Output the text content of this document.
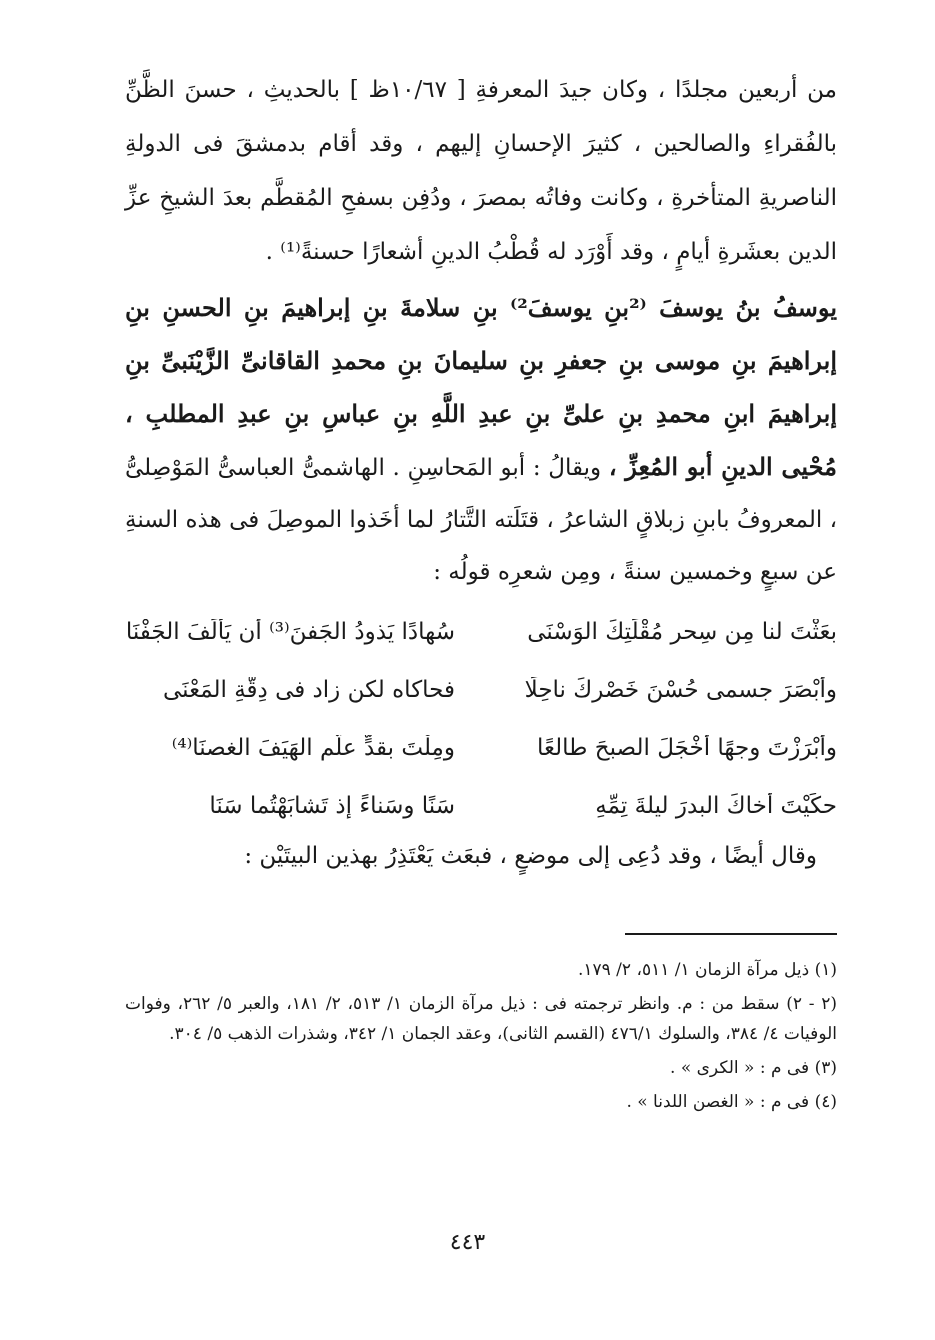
من أربعين مجلدًا ، وكان جيدَ المعرفةِ [ ١٠/٦٧ظ ] بالحديثِ ، حسنَ الظَّنِّ بالفُقراءِ والصالحين ، كثيرَ الإحسانِ إليهم ، وقد أقام بدمشقَ فى الدولةِ الناصريةِ المتأخرةِ ، وكانت وفاتُه بمصرَ ، ودُفِن بسفحِ المُقطَّم بعدَ الشيخِ عزِّ الدين بعشَرةِ أيامٍ ، وقد أَوْرَد له قُطْبُ الدينِ أشعارًا حسنةً⁽¹⁾ .

يوسفُ بنُ يوسفَ ⁽²بنِ يوسفَ²⁾ بنِ سلامةَ بنِ إبراهيمَ بنِ الحسنِ بنِ إبراهيمَ بنِ موسى بنِ جعفرِ بنِ سليمانَ بنِ محمدِ القاقانىِّ الزَّيْنَبىِّ بنِ إبراهيمَ ابنِ محمدِ بنِ علىِّ بنِ عبدِ اللَّهِ بنِ عباسِ بنِ عبدِ المطلبِ ، مُحْيى الدينِ أبو المُعِزِّ ، ويقالُ : أبو المَحاسِنِ . الهاشمىُّ العباسىُّ المَوْصِلىُّ ، المعروفُ بابنِ زبلاقٍ الشاعرُ ، قتَلَته التَّتارُ لما أخَذوا الموصِلَ فى هذه السنةِ عن سبعٍ وخمسين سنةً ، ومِن شعرِه قولُه :

بعَثْتَ لنا مِن سِحرِ مُقْلَتِكَ الوَسْنَى
سُهادًا يَذودُ الجَفنَ⁽³⁾ أن يَأْلَفَ الجَفْنَا
وأَبْصَرَ جسمى حُسْنَ خَصْرِكَ ناحِلًا
فحاكاه لكن زاد فى دِقَّةِ المَعْنَى
وأَبْرَزْتَ وجهًا أخْجَلَ الصبحَ طالعًا
ومِلْتَ بقدٍّ علَّم الهَيَفَ الغصنَا⁽⁴⁾
حكَيْتَ أخاكَ البدرَ ليلةَ تِمِّهِ
سَنًا وسَناءً إذ تَشابَهْتُما سَنَا
وقال أيضًا ، وقد دُعِى إلى موضعٍ ، فبعَث يَعْتَذِرُ بهذين البيتَيْن :

(١) ذيل مرآة الزمان ١/ ٥١١، ٢/ ١٧٩.

(٢ - ٢) سقط من : م. وانظر ترجمته فى : ذيل مرآة الزمان ١/ ٥١٣، ٢/ ١٨١، والعبر ٥/ ٢٦٢، وفوات الوفيات ٤/ ٣٨٤، والسلوك ٤٧٦/١ (القسم الثانى)، وعقد الجمان ١/ ٣٤٢، وشذرات الذهب ٥/ ٣٠٤.

(٣) فى م : « الكرى » .

(٤) فى م : « الغصن اللدنا » .

٤٤٣
